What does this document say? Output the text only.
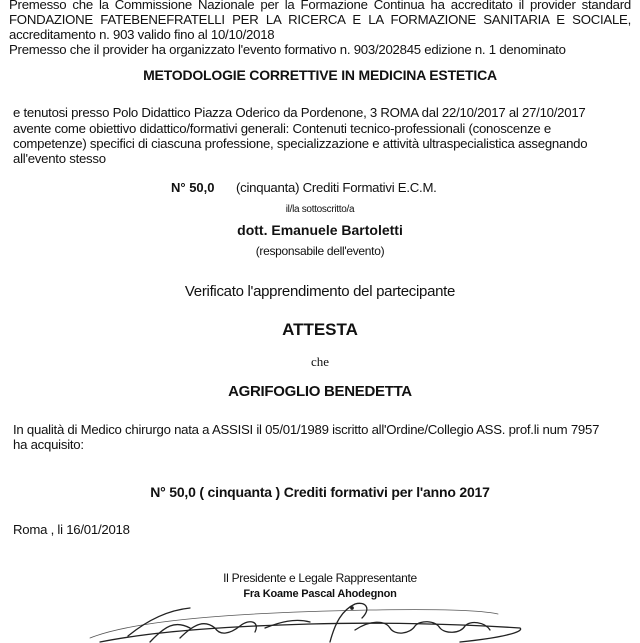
Premesso che la Commissione Nazionale per la Formazione Continua ha accreditato il provider standard
FONDAZIONE FATEBENEFRATELLI PER LA RICERCA E LA FORMAZIONE SANITARIA E SOCIALE,
accreditamento n. 903 valido fino al 10/10/2018
Premesso che il provider ha organizzato l'evento formativo n. 903/202845 edizione n. 1 denominato
METODOLOGIE CORRETTIVE IN MEDICINA ESTETICA
e tenutosi presso Polo Didattico Piazza Oderico da Pordenone, 3 ROMA dal 22/10/2017 al 27/10/2017
avente come obiettivo didattico/formativi generali: Contenuti tecnico-professionali (conoscenze e
competenze) specifici di ciascuna professione, specializzazione e attività ultraspecialistica assegnando
all'evento stesso
N° 50,0 (cinquanta) Crediti Formativi E.C.M.
il/la sottoscritto/a
dott. Emanuele Bartoletti
(responsabile dell'evento)
Verificato l'apprendimento del partecipante
ATTESTA
che
AGRIFOGLIO BENEDETTA
In qualità di Medico chirurgo nata a ASSISI il 05/01/1989 iscritto all'Ordine/Collegio ASS. prof.li num 7957
ha acquisito:
N° 50,0 ( cinquanta ) Crediti formativi per l'anno 2017
Roma , li 16/01/2018
Il Presidente e Legale Rappresentante
Fra Koame Pascal Ahodegnon
